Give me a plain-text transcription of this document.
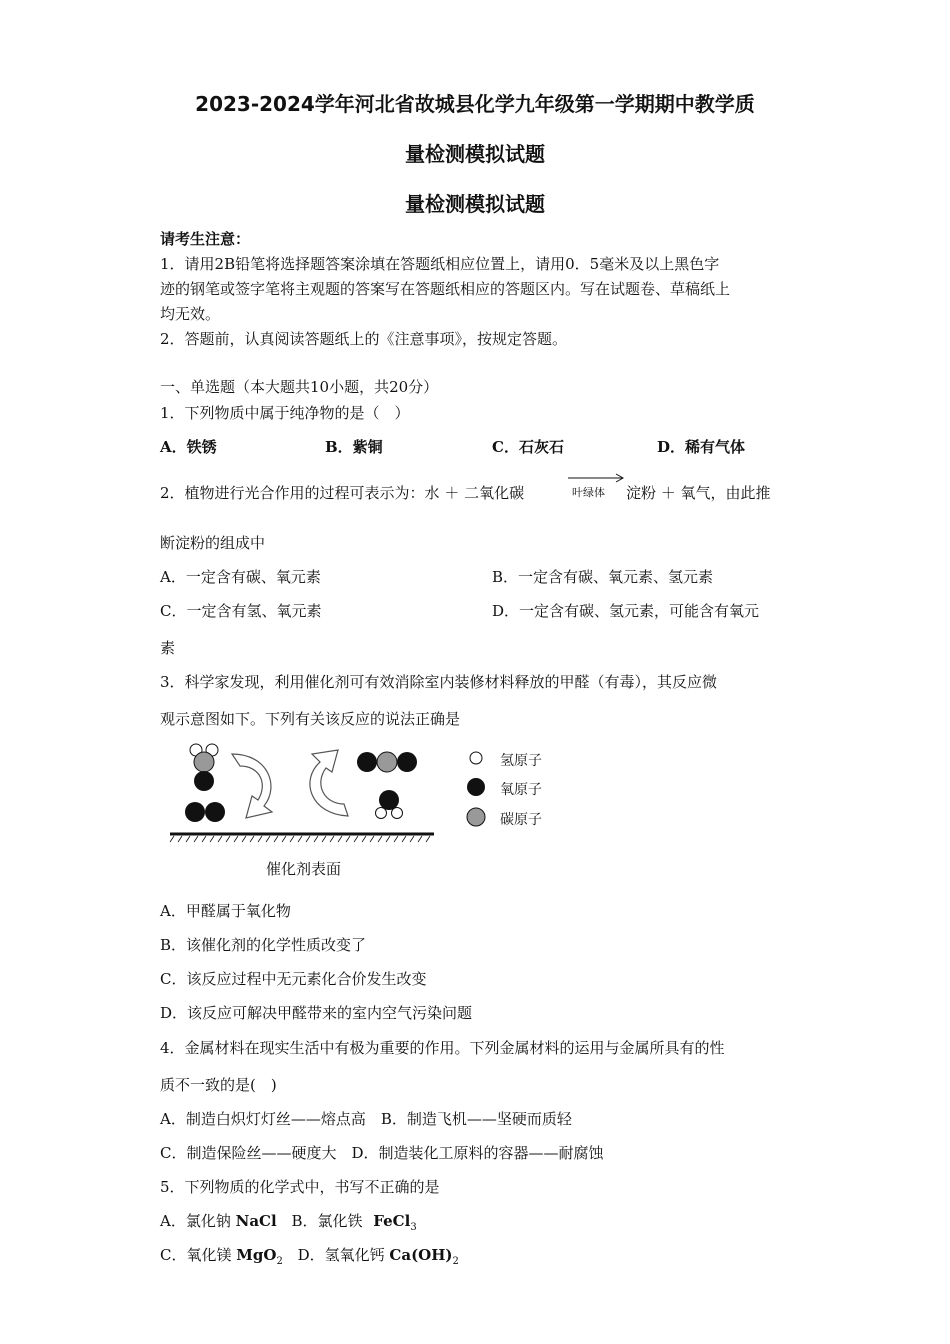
2023-2024学年河北省故城县化学九年级第一学期期中教学质
量检测模拟试题
量检测模拟试题
请考生注意：
1．请用2B铅笔将选择题答案涂填在答题纸相应位置上，请用0．5毫米及以上黑色字
迹的钢笔或签字笔将主观题的答案写在答题纸相应的答题区内。写在试题卷、草稿纸上
均无效。
2．答题前，认真阅读答题纸上的《注意事项》，按规定答题。
一、单选题（本大题共10小题，共20分）
1．下列物质中属于纯净物的是（　）
A．铁锈	B．紫铜	C．石灰石	D．稀有气体
2．植物进行光合作用的过程可表示为：水 ＋ 二氧化碳	叶绿体 淀粉 ＋ 氧气，由此推
断淀粉的组成中
A．一定含有碳、氧元素	B．一定含有碳、氧元素、氢元素
C．一定含有氢、氧元素	D．一定含有碳、氢元素，可能含有氧元
素
3．科学家发现，利用催化剂可有效消除室内装修材料释放的甲醛（有毒），其反应微
观示意图如下。下列有关该反应的说法正确是
氢原子
氧原子
碳原子
催化剂表面
A．甲醛属于氧化物
B．该催化剂的化学性质改变了
C．该反应过程中无元素化合价发生改变
D．该反应可解决甲醛带来的室内空气污染问题
4．金属材料在现实生活中有极为重要的作用。下列金属材料的运用与金属所具有的性
质不一致的是(　)
A．制造白炽灯灯丝——熔点高　B．制造飞机——坚硬而质轻
C．制造保险丝——硬度大　D．制造装化工原料的容器——耐腐蚀
5．下列物质的化学式中，书写不正确的是
A．氯化钠 NaCl B．氯化铁 FeCl$_3$
C．氧化镁 MgO$_2$ D．氢氧化钙 $Ca(OH)_2$
